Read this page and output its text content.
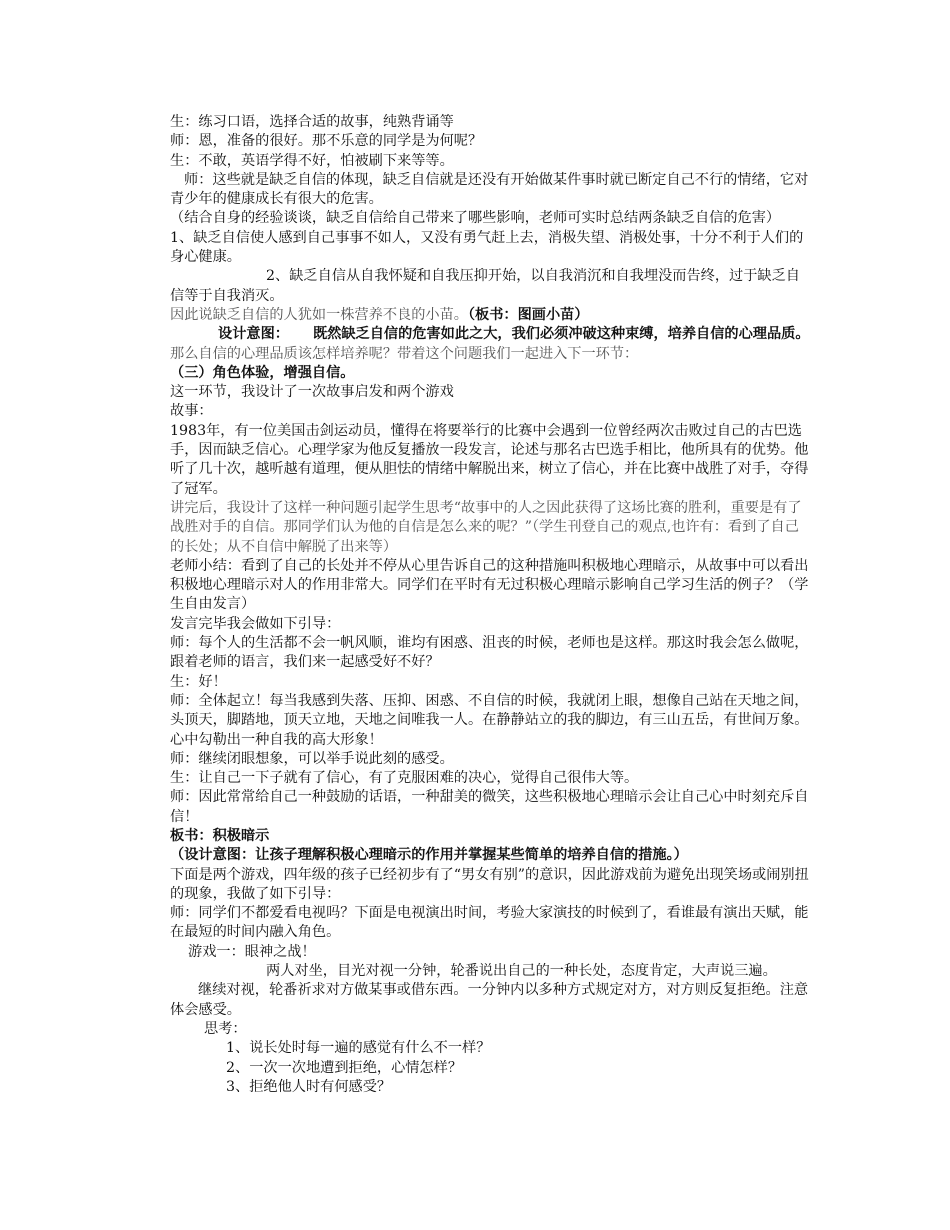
生：练习口语，选择合适的故事，纯熟背诵等

师：恩，准备的很好。那不乐意的同学是为何呢？

生：不敢，英语学得不好，怕被刷下来等等。

师：这些就是缺乏自信的体现，缺乏自信就是还没有开始做某件事时就已断定自己不行的情绪，它对青少年的健康成长有很大的危害。

（结合自身的经验谈谈，缺乏自信给自己带来了哪些影响，老师可实时总结两条缺乏自信的危害）

1、缺乏自信使人感到自己事事不如人，又没有勇气赶上去，消极失望、消极处事，十分不利于人们的身心健康。

2、缺乏自信从自我怀疑和自我压抑开始，以自我消沉和自我埋没而告终，过于缺乏自信等于自我消灭。

因此说缺乏自信的人犹如一株营养不良的小苗。（板书：图画小苗）

设计意图： 既然缺乏自信的危害如此之大，我们必须冲破这种束缚，培养自信的心理品质。

那么自信的心理品质该怎样培养呢？带着这个问题我们一起进入下一环节：

（三）角色体验，增强自信。

这一环节，我设计了一次故事启发和两个游戏

故事：

1983年，有一位美国击剑运动员，懂得在将要举行的比赛中会遇到一位曾经两次击败过自己的古巴选手，因而缺乏信心。心理学家为他反复播放一段发言，论述与那名古巴选手相比，他所具有的优势。他听了几十次，越听越有道理，便从胆怯的情绪中解脱出来，树立了信心，并在比赛中战胜了对手，夺得了冠军。

讲完后，我设计了这样一种问题引起学生思考“故事中的人之因此获得了这场比赛的胜利，重要是有了战胜对手的自信。那同学们认为他的自信是怎么来的呢？”（学生刊登自己的观点,也许有：看到了自己的长处；从不自信中解脱了出来等）

老师小结：看到了自己的长处并不停从心里告诉自己的这种措施叫积极地心理暗示，从故事中可以看出积极地心理暗示对人的作用非常大。同学们在平时有无过积极心理暗示影响自己学习生活的例子？（学生自由发言）

发言完毕我会做如下引导：

师：每个人的生活都不会一帆风顺，谁均有困惑、沮丧的时候，老师也是这样。那这时我会怎么做呢，跟着老师的语言，我们来一起感受好不好？

生：好！

师：全体起立！每当我感到失落、压抑、困惑、不自信的时候，我就闭上眼，想像自己站在天地之间，头顶天，脚踏地，顶天立地，天地之间唯我一人。在静静站立的我的脚边，有三山五岳，有世间万象。心中勾勒出一种自我的高大形象！

师：继续闭眼想象，可以举手说此刻的感受。

生：让自己一下子就有了信心，有了克服困难的决心，觉得自己很伟大等。

师：因此常常给自己一种鼓励的话语，一种甜美的微笑，这些积极地心理暗示会让自己心中时刻充斥自信！

板书：积极暗示

（设计意图：让孩子理解积极心理暗示的作用并掌握某些简单的培养自信的措施。）

下面是两个游戏，四年级的孩子已经初步有了“男女有别”的意识，因此游戏前为避免出现笑场或闹别扭的现象，我做了如下引导：

师：同学们不都爱看电视吗？下面是电视演出时间，考验大家演技的时候到了，看谁最有演出天赋，能在最短的时间内融入角色。

游戏一：眼神之战！

两人对坐，目光对视一分钟，轮番说出自己的一种长处，态度肯定，大声说三遍。

继续对视，轮番祈求对方做某事或借东西。一分钟内以多种方式规定对方，对方则反复拒绝。注意体会感受。

思考：

1、说长处时每一遍的感觉有什么不一样？

2、一次一次地遭到拒绝，心情怎样？

3、拒绝他人时有何感受？
